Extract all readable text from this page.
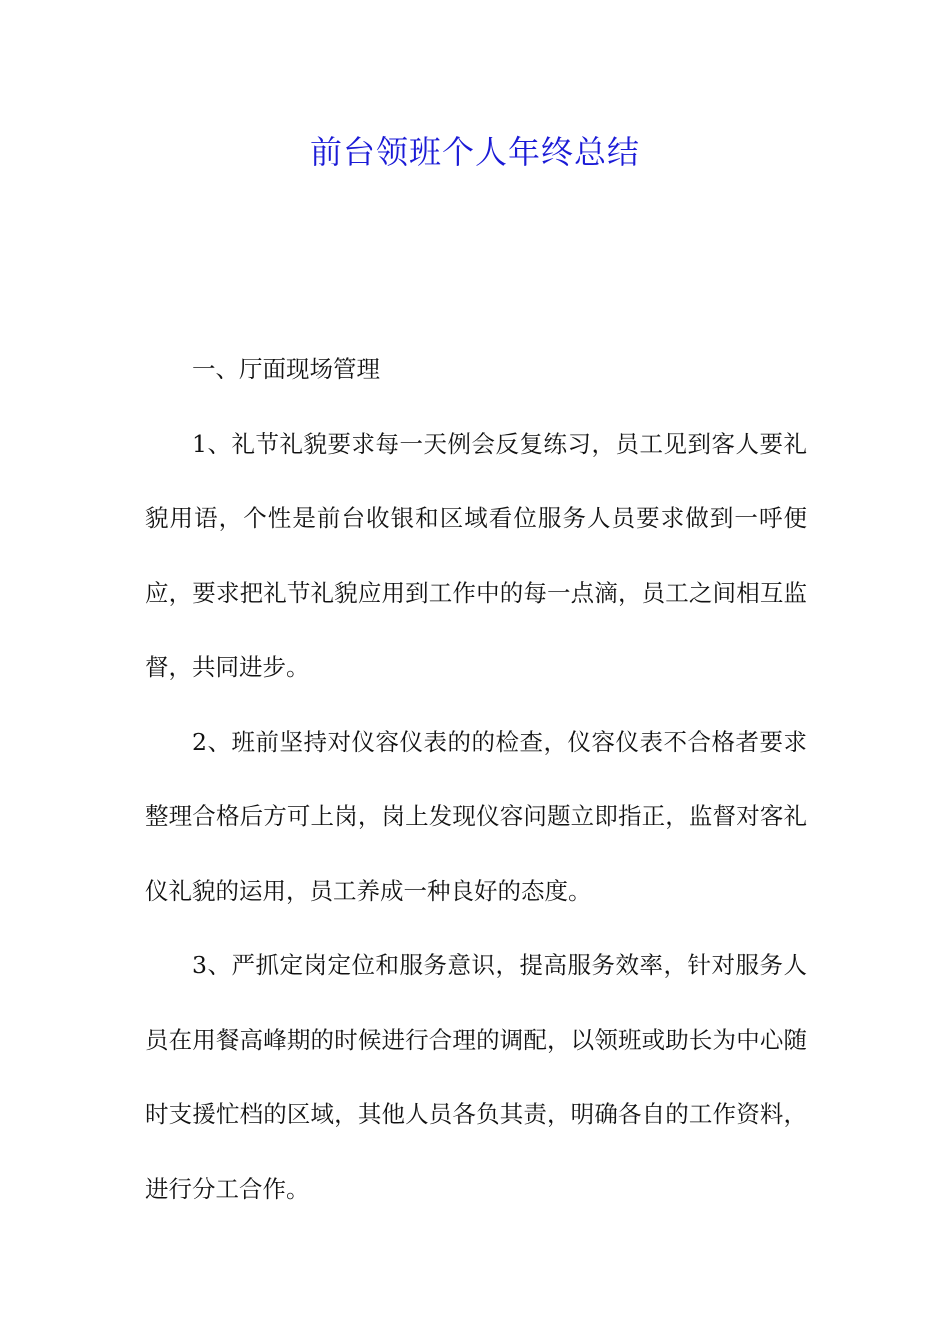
前台领班个人年终总结

一、厅面现场管理

1、礼节礼貌要求每一天例会反复练习，员工见到客人要礼貌用语，个性是前台收银和区域看位服务人员要求做到一呼便应，要求把礼节礼貌应用到工作中的每一点滴，员工之间相互监督，共同进步。

2、班前坚持对仪容仪表的的检查，仪容仪表不合格者要求整理合格后方可上岗，岗上发现仪容问题立即指正，监督对客礼仪礼貌的运用，员工养成一种良好的态度。

3、严抓定岗定位和服务意识，提高服务效率，针对服务人员在用餐高峰期的时候进行合理的调配，以领班或助长为中心随时支援忙档的区域，其他人员各负其责，明确各自的工作资料，进行分工合作。
